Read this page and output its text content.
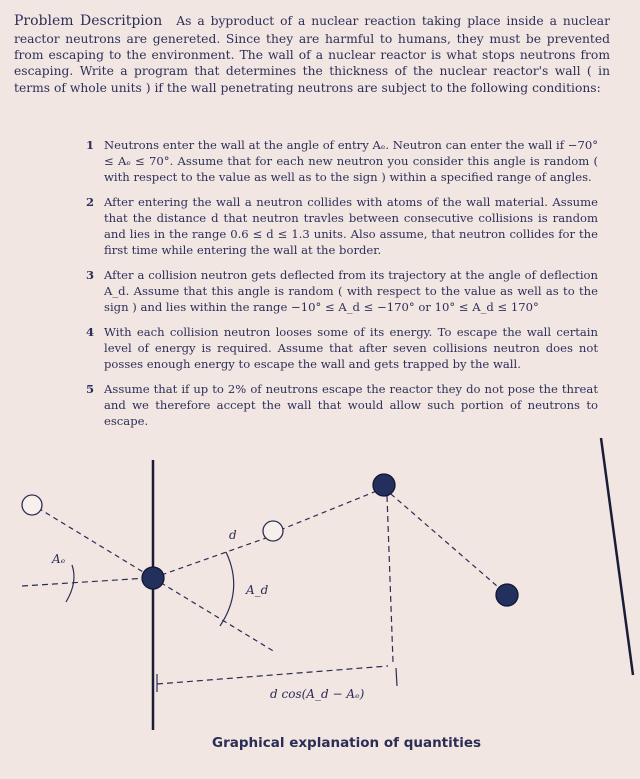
Problem Descritpion As a byproduct of a nuclear reaction taking place inside a nuclear reactor neutrons are genereted. Since they are harmful to humans, they must be prevented from escaping to the environment. The wall of a nuclear reactor is what stops neutrons from escaping. Write a program that determines the thickness of the nuclear reactor's wall ( in terms of whole units ) if the wall penetrating neutrons are subject to the following conditions:
1 Neutrons enter the wall at the angle of entry Aₑ. Neutron can enter the wall if −70° ≤ Aₑ ≤ 70°. Assume that for each new neutron you consider this angle is random ( with respect to the value as well as to the sign ) within a specified range of angles.
2 After entering the wall a neutron collides with atoms of the wall material. Assume that the distance d that neutron travles between consecutive collisions is random and lies in the range 0.6 ≤ d ≤ 1.3 units. Also assume, that neutron collides for the first time while entering the wall at the border.
3 After a collision neutron gets deflected from its trajectory at the angle of deflection A_d. Assume that this angle is random ( with respect to the value as well as to the sign ) and lies within the range −10° ≤ A_d ≤ −170° or 10° ≤ A_d ≤ 170°
4 With each collision neutron looses some of its energy. To escape the wall certain level of energy is required. Assume that after seven collisions neutron does not posses enough energy to escape the wall and gets trapped by the wall.
5 Assume that if up to 2% of neutrons escape the reactor they do not pose the threat and we therefore accept the wall that would allow such portion of neutrons to escape.
Aₑ
d
A_d
d cos(A_d − Aₑ)
Graphical explanation of quantities
